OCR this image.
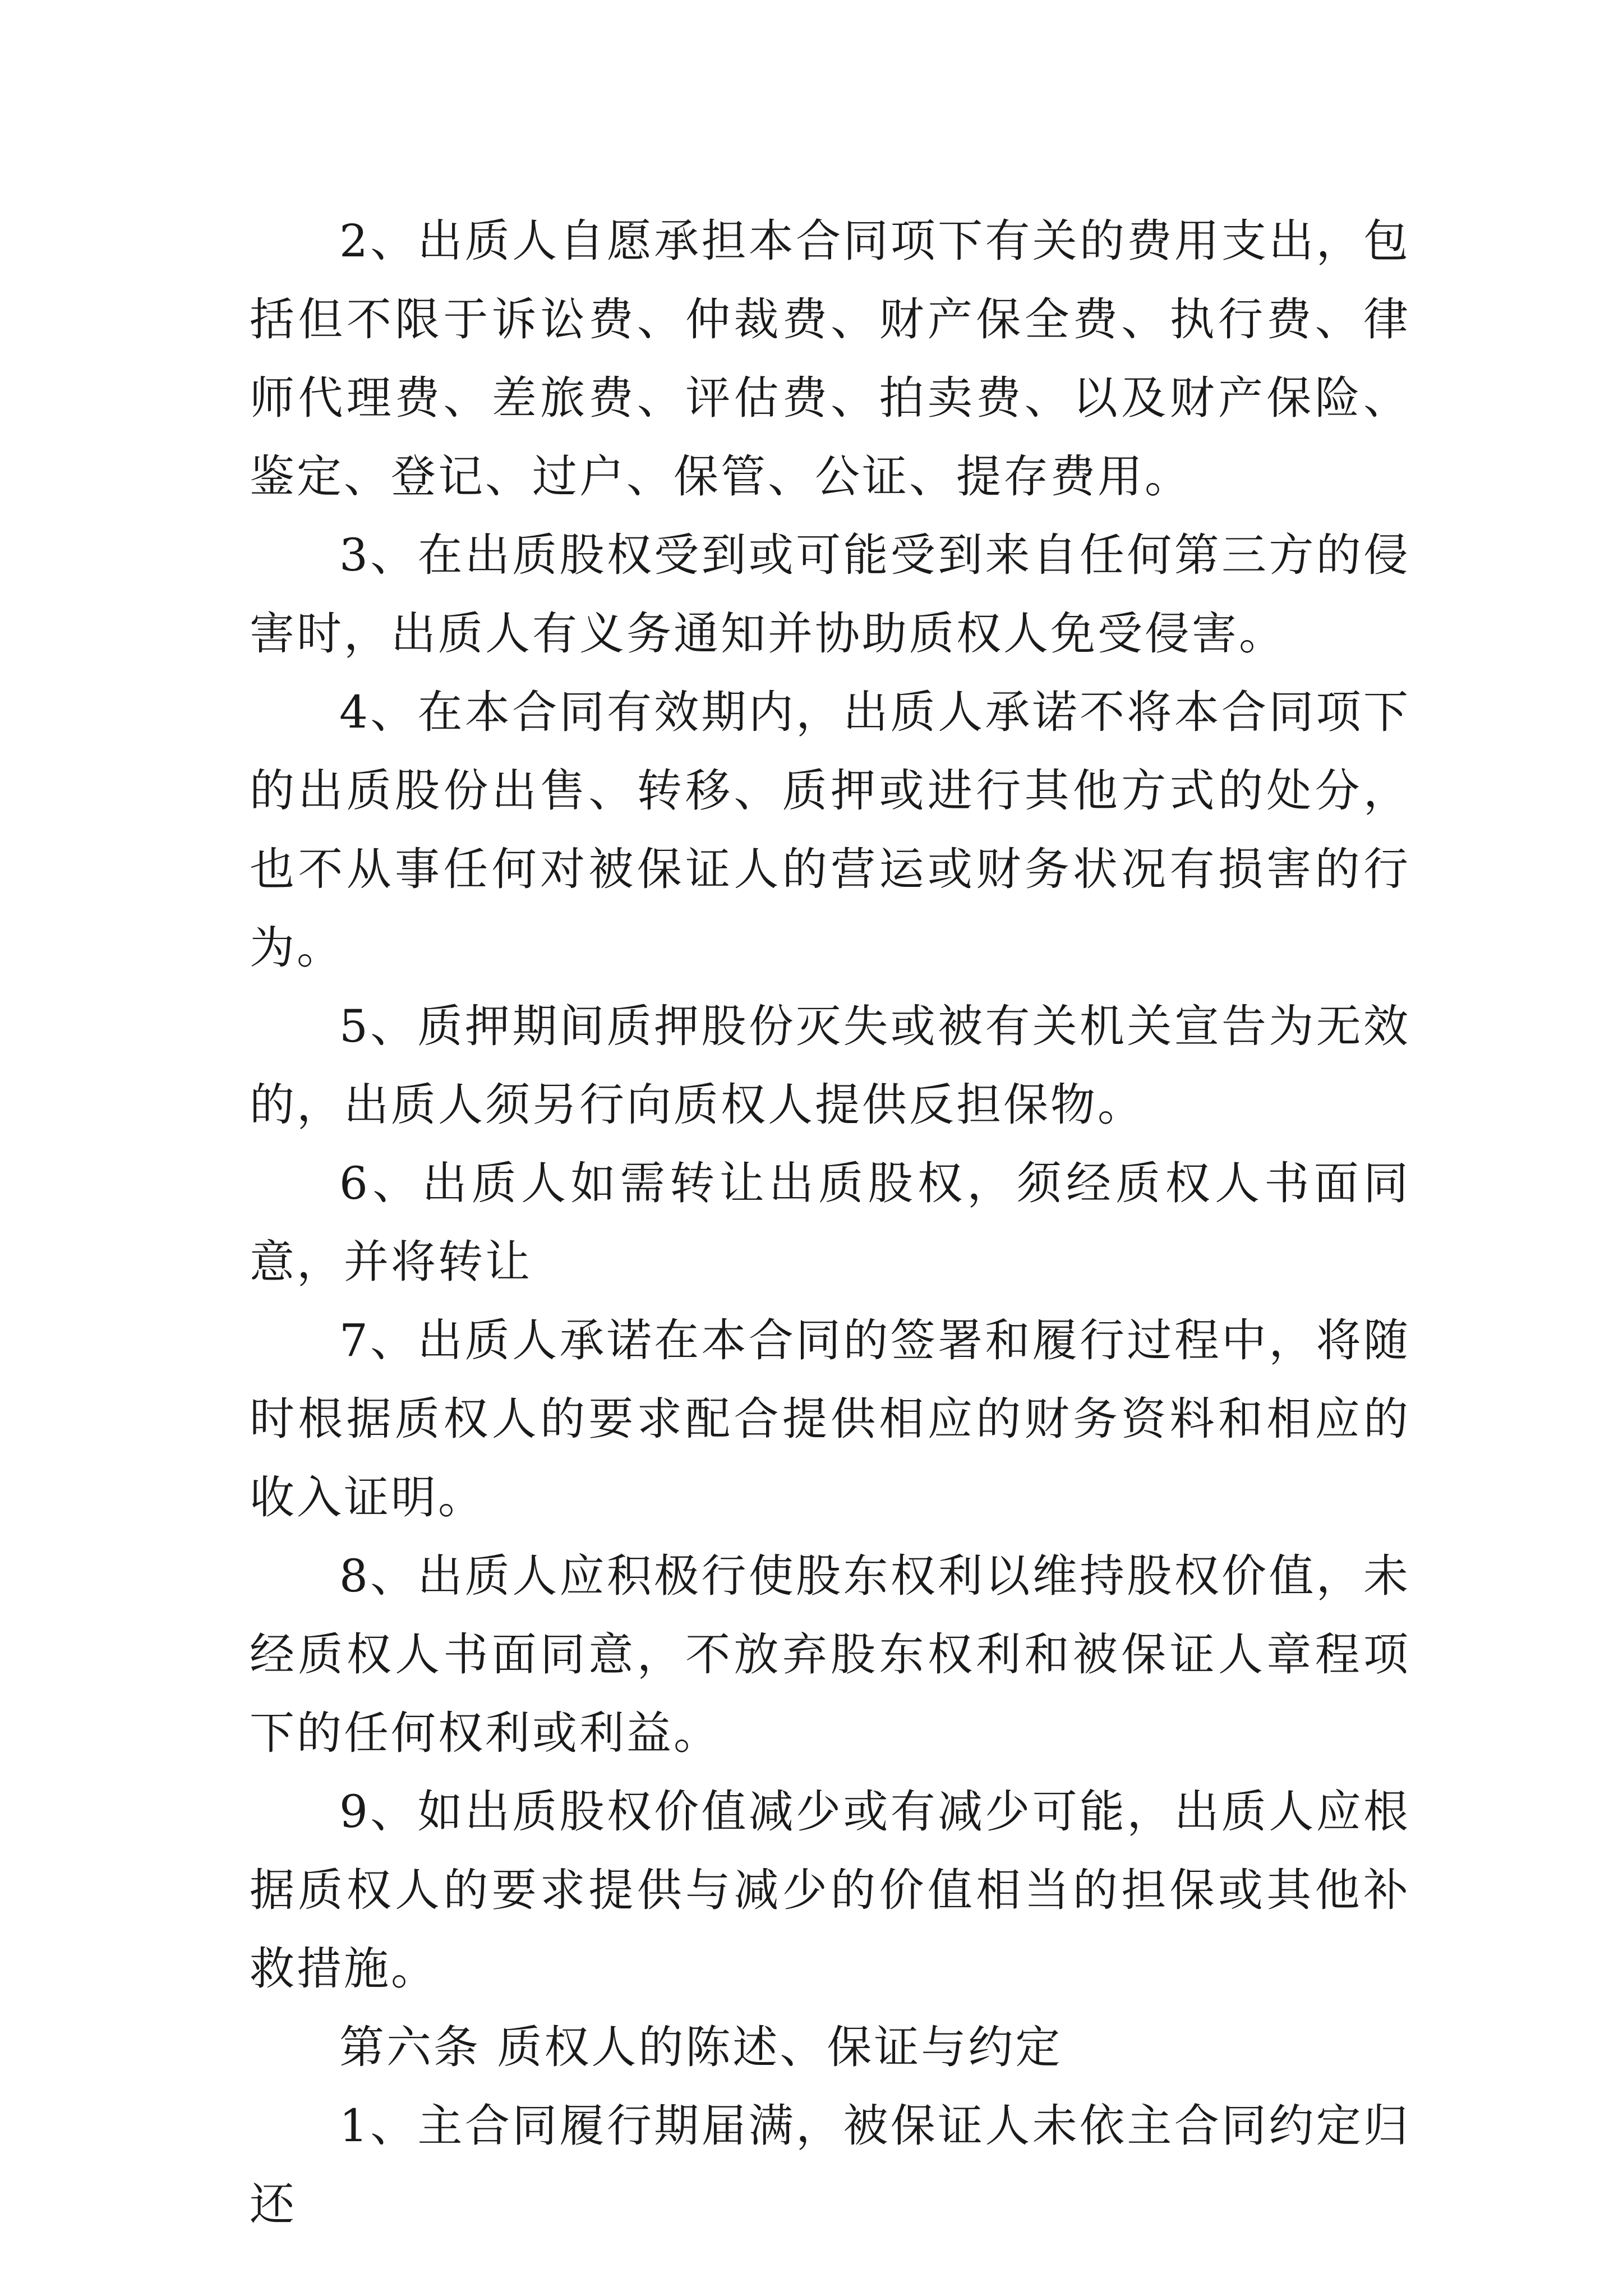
2、出质人自愿承担本合同项下有关的费用支出，包括但不限于诉讼费、仲裁费、财产保全费、执行费、律师代理费、差旅费、评估费、拍卖费、以及财产保险、鉴定、登记、过户、保管、公证、提存费用。

3、在出质股权受到或可能受到来自任何第三方的侵害时，出质人有义务通知并协助质权人免受侵害。

4、在本合同有效期内，出质人承诺不将本合同项下的出质股份出售、转移、质押或进行其他方式的处分，也不从事任何对被保证人的营运或财务状况有损害的行为。

5、质押期间质押股份灭失或被有关机关宣告为无效的，出质人须另行向质权人提供反担保物。

6、出质人如需转让出质股权，须经质权人书面同意，并将转让

7、出质人承诺在本合同的签署和履行过程中，将随时根据质权人的要求配合提供相应的财务资料和相应的收入证明。

8、出质人应积极行使股东权利以维持股权价值，未经质权人书面同意，不放弃股东权利和被保证人章程项下的任何权利或利益。

9、如出质股权价值减少或有减少可能，出质人应根据质权人的要求提供与减少的价值相当的担保或其他补救措施。

第六条 质权人的陈述、保证与约定

1、主合同履行期届满，被保证人未依主合同约定归还
